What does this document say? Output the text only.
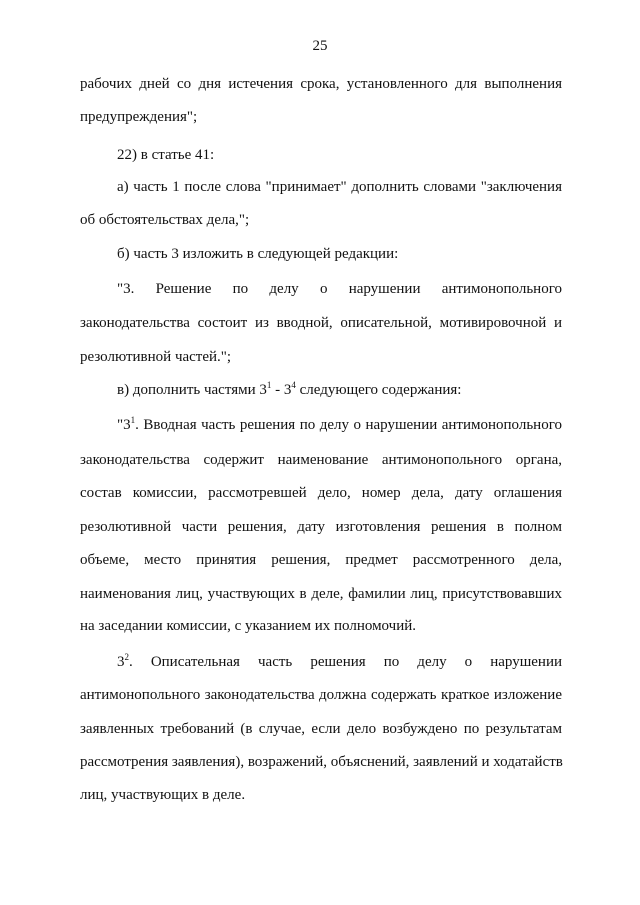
25
рабочих дней со дня истечения срока, установленного для выполнения
предупреждения";
22) в статье 41:
а) часть 1 после слова "принимает" дополнить словами "заключения
об обстоятельствах дела,";
б) часть 3 изложить в следующей редакции:
"3. Решение по делу о нарушении антимонопольного
законодательства состоит из вводной, описательной, мотивировочной и
резолютивной частей.";
в) дополнить частями $3^1 - 3^4$ следующего содержания:
"$3^1$. Вводная часть решения по делу о нарушении антимонопольного
законодательства содержит наименование антимонопольного органа,
состав комиссии, рассмотревшей дело, номер дела, дату оглашения
резолютивной части решения, дату изготовления решения в полном
объеме, место принятия решения, предмет рассмотренного дела,
наименования лиц, участвующих в деле, фамилии лиц, присутствовавших
на заседании комиссии, с указанием их полномочий.
$3^2$. Описательная часть решения по делу о нарушении
антимонопольного законодательства должна содержать краткое изложение
заявленных требований (в случае, если дело возбуждено по результатам
рассмотрения заявления), возражений, объяснений, заявлений и ходатайств
лиц, участвующих в деле.
